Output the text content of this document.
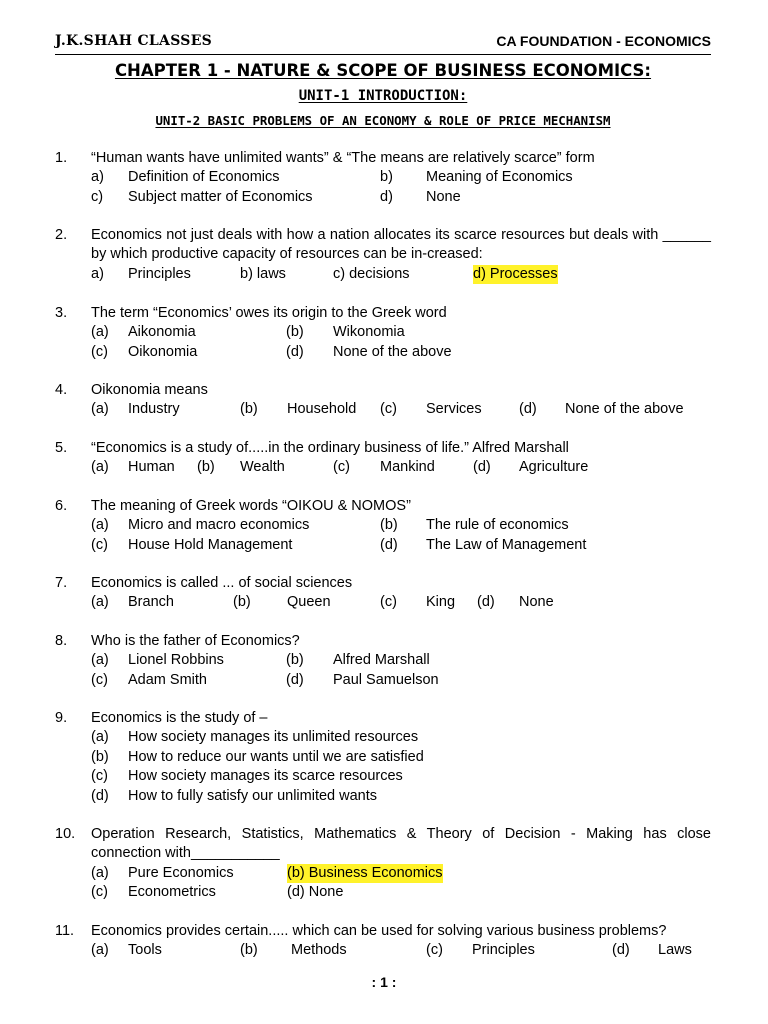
J.K.SHAH CLASSES	CA FOUNDATION - ECONOMICS
CHAPTER 1 - NATURE & SCOPE OF BUSINESS ECONOMICS:
UNIT-1 INTRODUCTION:
UNIT-2 BASIC PROBLEMS OF AN ECONOMY & ROLE OF PRICE MECHANISM
1. “Human wants have unlimited wants” & “The means are relatively scarce” form
a) Definition of Economics	b) Meaning of Economics
c) Subject matter of Economics	d) None
2. Economics not just deals with how a nation allocates its scarce resources but deals with ______ by which productive capacity of resources can be in-creased:
a) Principles	b) laws	c) decisions	d) Processes
3. The term “Economics’ owes its origin to the Greek word
(a) Aikonomia	(b) Wikonomia
(c) Oikonomia	(d) None of the above
4. Oikonomia means
(a) Industry	(b) Household (c) Services	(d) None of the above
5. “Economics is a study of.....in the ordinary business of life.” Alfred Marshall
(a) Human (b) Wealth	(c) Mankind	(d) Agriculture
6. The meaning of Greek words “OIKOU & NOMOS”
(a) Micro and macro economics	(b) The rule of economics
(c) House Hold Management	(d) The Law of Management
7. Economics is called ... of social sciences
(a) Branch	(b)	Queen	(c) King (d) None
8. Who is the father of Economics?
(a) Lionel Robbins	(b) Alfred Marshall
(c) Adam Smith	(d) Paul Samuelson
9. Economics is the study of –
(a) How society manages its unlimited resources
(b) How to reduce our wants until we are satisfied
(c) How society manages its scarce resources
(d) How to fully satisfy our unlimited wants
10. Operation Research, Statistics, Mathematics & Theory of Decision - Making has close connection with___________
(a) Pure Economics	(b) Business Economics
(c) Econometrics	(d) None
11. Economics provides certain..... which can be used for solving various business problems?
(a) Tools	(b) Methods	(c) Principles	(d) Laws
: 1 :
